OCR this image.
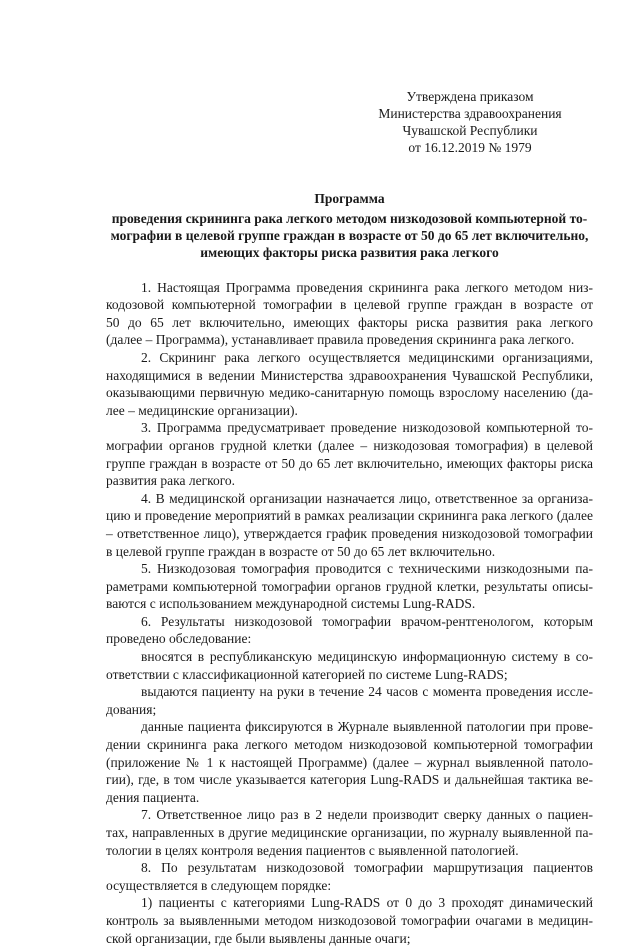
Утверждена приказом
Министерства здравоохранения
Чувашской Республики
от 16.12.2019 № 1979
Программа
проведения скрининга рака легкого методом низкодозовой компьютерной то-
мографии в целевой группе граждан в возрасте от 50 до 65 лет включительно,
имеющих факторы риска развития рака легкого

1. Настоящая Программа проведения скрининга рака легкого методом низ-
кодозовой компьютерной томографии в целевой группе граждан в возрасте от
50 до 65 лет включительно, имеющих факторы риска развития рака легкого
(далее – Программа), устанавливает правила проведения скрининга рака легкого.

2. Скрининг рака легкого осуществляется медицинскими организациями,
находящимися в ведении Министерства здравоохранения Чувашской Республики,
оказывающими первичную медико-санитарную помощь взрослому населению (да-
лее – медицинские организации).

3. Программа предусматривает проведение низкодозовой компьютерной то-
мографии органов грудной клетки (далее – низкодозовая томография) в целевой
группе граждан в возрасте от 50 до 65 лет включительно, имеющих факторы риска
развития рака легкого.

4. В медицинской организации назначается лицо, ответственное за организа-
цию и проведение мероприятий в рамках реализации скрининга рака легкого (далее
– ответственное лицо), утверждается график проведения низкодозовой томографии
в целевой группе граждан в возрасте от 50 до 65 лет включительно.

5. Низкодозовая томография проводится с техническими низкодозными па-
раметрами компьютерной томографии органов грудной клетки, результаты описы-
ваются с использованием международной системы Lung-RADS.

6. Результаты низкодозовой томографии врачом-рентгенологом, которым
проведено обследование:

вносятся в республиканскую медицинскую информационную систему в со-
ответствии с классификационной категорией по системе Lung-RADS;

выдаются пациенту на руки в течение 24 часов с момента проведения иссле-
дования;

данные пациента фиксируются в Журнале выявленной патологии при прове-
дении скрининга рака легкого методом низкодозовой компьютерной томографии
(приложение № 1 к настоящей Программе) (далее – журнал выявленной патоло-
гии), где, в том числе указывается категория Lung-RADS и дальнейшая тактика ве-
дения пациента.

7. Ответственное лицо раз в 2 недели производит сверку данных о пациен-
тах, направленных в другие медицинские организации, по журналу выявленной па-
тологии в целях контроля ведения пациентов с выявленной патологией.

8. По результатам низкодозовой томографии маршрутизация пациентов
осуществляется в следующем порядке:

1) пациенты с категориями Lung-RADS от 0 до 3 проходят динамический
контроль за выявленными методом низкодозовой томографии очагами в медицин-
ской организации, где были выявлены данные очаги;
